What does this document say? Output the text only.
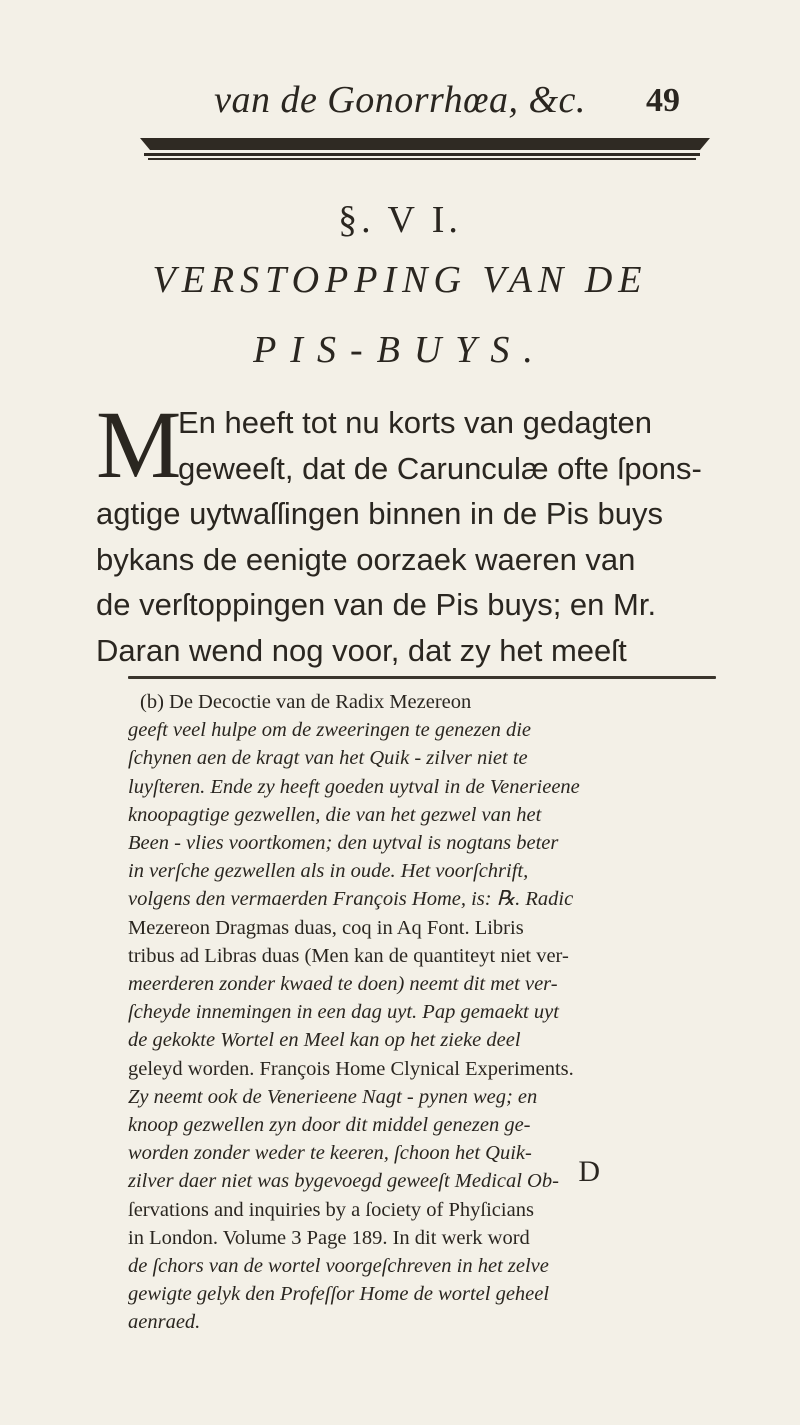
van de Gonorrhœa, &c.	49
§. V I.
VERSTOPPING VAN DE
PIS-BUYS.
M
En heeft tot nu korts van gedagten
geweeſt, dat de Carunculæ ofte ſpons-
agtige uytwaſſingen binnen in de Pis buys
bykans de eenigte oorzaek waeren van
de verſtoppingen van de Pis buys; en Mr.
Daran wend nog voor, dat zy het meeſt
(b) De Decoctie van de Radix Mezereon
geeft veel hulpe om de zweeringen te genezen die
ſchynen aen de kragt van het Quik - zilver niet te
luyſteren. Ende zy heeft goeden uytval in de Venerieene
knoopagtige gezwellen, die van het gezwel van het
Been - vlies voortkomen; den uytval is nogtans beter
in verſche gezwellen als in oude. Het voorſchrift,
volgens den vermaerden François Home, is: ℞. Radic
Mezereon Dragmas duas, coq in Aq Font. Libris
tribus ad Libras duas (Men kan de quantiteyt niet ver-
meerderen zonder kwaed te doen) neemt dit met ver-
ſcheyde innemingen in een dag uyt. Pap gemaekt uyt
de gekokte Wortel en Meel kan op het zieke deel
geleyd worden. François Home Clynical Experiments.
Zy neemt ook de Venerieene Nagt - pynen weg; en
knoop gezwellen zyn door dit middel genezen ge-
worden zonder weder te keeren, ſchoon het Quik-
zilver daer niet was bygevoegd geweeſt Medical Ob-
ſervations and inquiries by a ſociety of Phyſicians
in London. Volume 3 Page 189. In dit werk word
de ſchors van de wortel voorgeſchreven in het zelve
gewigte gelyk den Profeſſor Home de wortel geheel
aenraed.
D
